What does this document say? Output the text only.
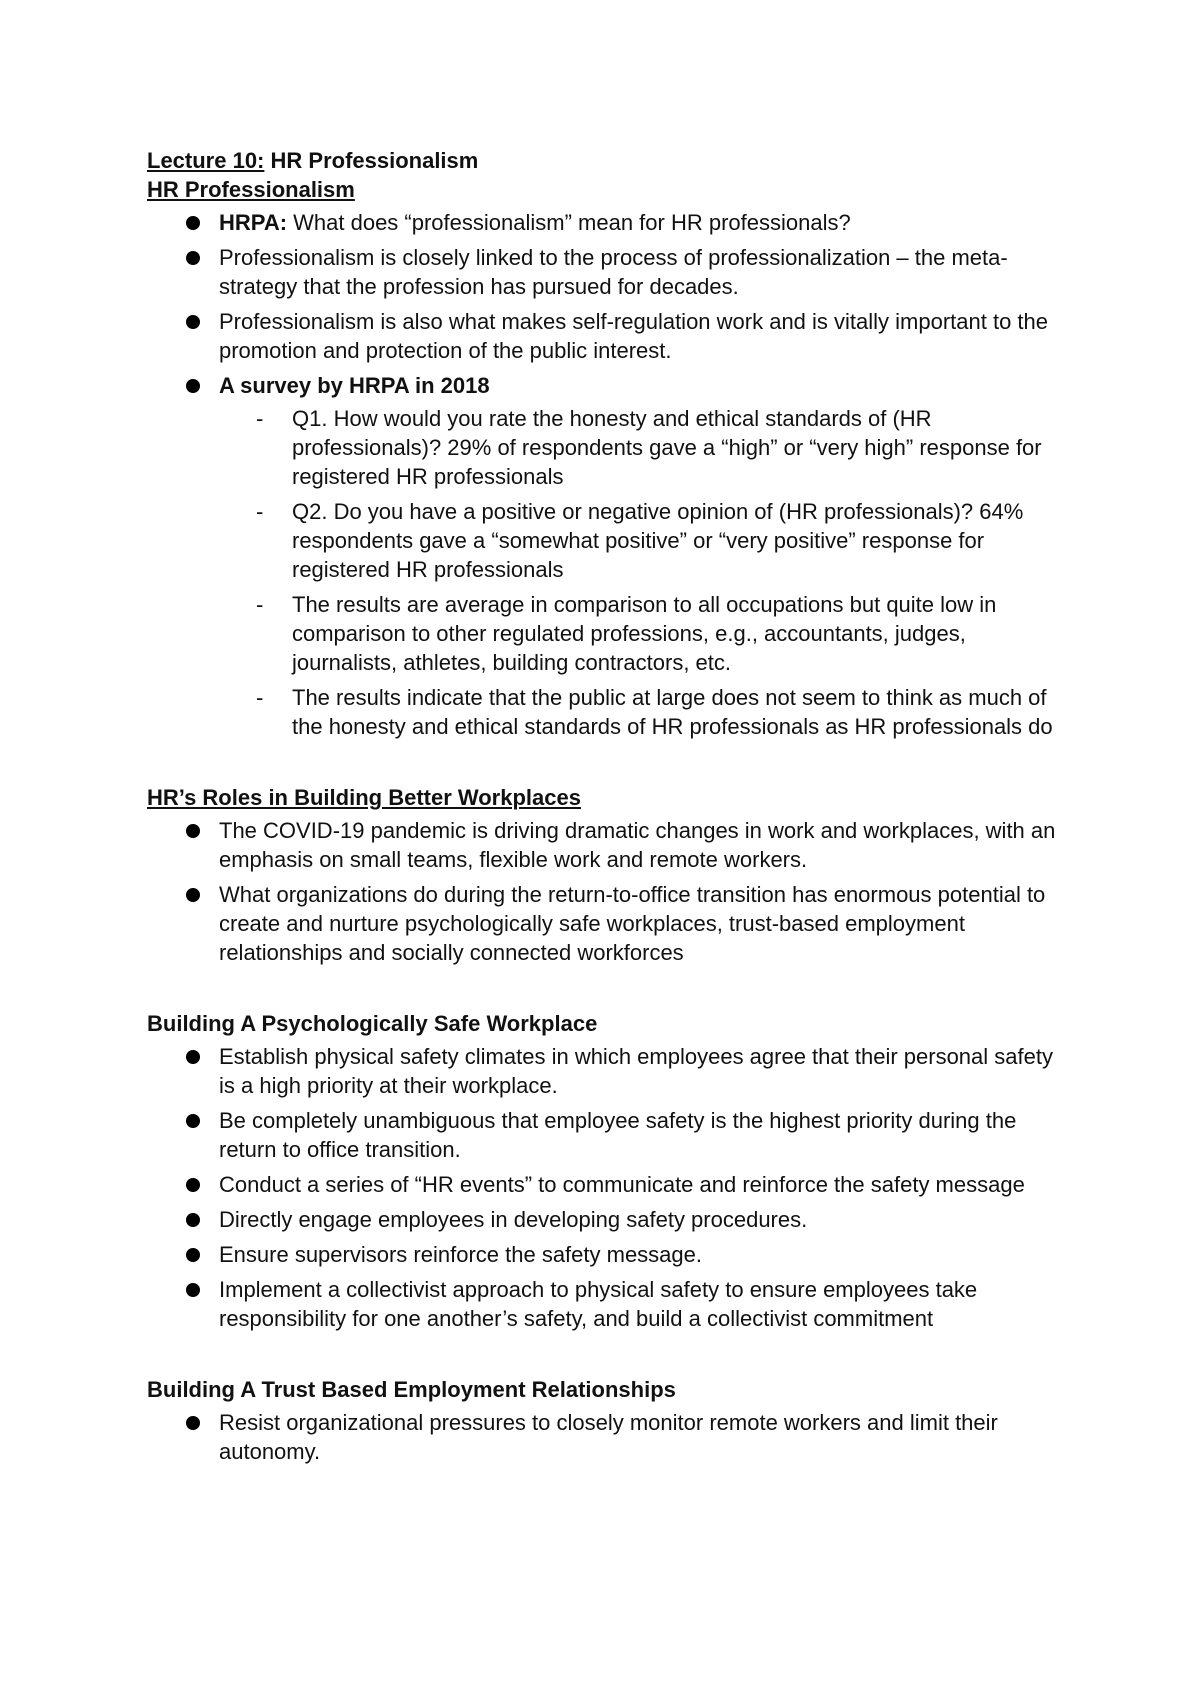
Lecture 10: HR Professionalism
HR Professionalism
HRPA: What does “professionalism” mean for HR professionals?
Professionalism is closely linked to the process of professionalization – the meta-strategy that the profession has pursued for decades.
Professionalism is also what makes self-regulation work and is vitally important to the promotion and protection of the public interest.
A survey by HRPA in 2018
- Q1. How would you rate the honesty and ethical standards of (HR professionals)? 29% of respondents gave a “high” or “very high” response for registered HR professionals
- Q2. Do you have a positive or negative opinion of (HR professionals)? 64% respondents gave a “somewhat positive” or “very positive” response for registered HR professionals
- The results are average in comparison to all occupations but quite low in comparison to other regulated professions, e.g., accountants, judges, journalists, athletes, building contractors, etc.
- The results indicate that the public at large does not seem to think as much of the honesty and ethical standards of HR professionals as HR professionals do
HR’s Roles in Building Better Workplaces
The COVID-19 pandemic is driving dramatic changes in work and workplaces, with an emphasis on small teams, flexible work and remote workers.
What organizations do during the return-to-office transition has enormous potential to create and nurture psychologically safe workplaces, trust-based employment relationships and socially connected workforces
Building A Psychologically Safe Workplace
Establish physical safety climates in which employees agree that their personal safety is a high priority at their workplace.
Be completely unambiguous that employee safety is the highest priority during the return to office transition.
Conduct a series of “HR events” to communicate and reinforce the safety message
Directly engage employees in developing safety procedures.
Ensure supervisors reinforce the safety message.
Implement a collectivist approach to physical safety to ensure employees take responsibility for one another’s safety, and build a collectivist commitment
Building A Trust Based Employment Relationships
Resist organizational pressures to closely monitor remote workers and limit their autonomy.
